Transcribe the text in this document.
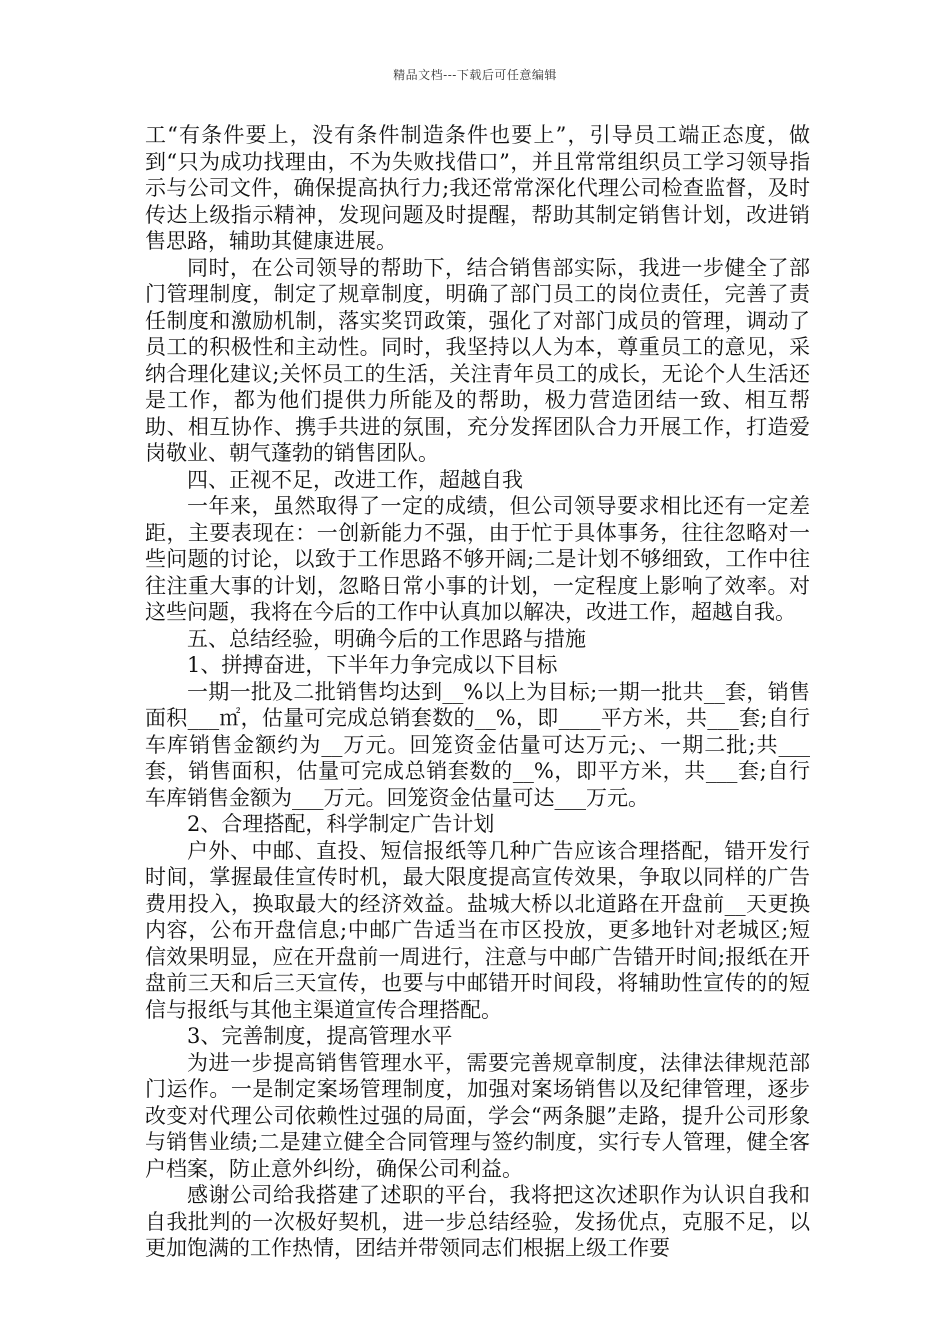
精品文档---下载后可任意编辑

工“有条件要上，没有条件制造条件也要上”，引导员工端正态度，做到“只为成功找理由，不为失败找借口”，并且常常组织员工学习领导指示与公司文件，确保提高执行力;我还常常深化代理公司检查监督，及时传达上级指示精神，发现问题及时提醒，帮助其制定销售计划，改进销售思路，辅助其健康进展。

同时，在公司领导的帮助下，结合销售部实际，我进一步健全了部门管理制度，制定了规章制度，明确了部门员工的岗位责任，完善了责任制度和激励机制，落实奖罚政策，强化了对部门成员的管理，调动了员工的积极性和主动性。同时，我坚持以人为本，尊重员工的意见，采纳合理化建议;关怀员工的生活，关注青年员工的成长，无论个人生活还是工作，都为他们提供力所能及的帮助，极力营造团结一致、相互帮助、相互协作、携手共进的氛围，充分发挥团队合力开展工作，打造爱岗敬业、朝气蓬勃的销售团队。

四、正视不足，改进工作，超越自我

一年来，虽然取得了一定的成绩，但公司领导要求相比还有一定差距，主要表现在：一创新能力不强，由于忙于具体事务，往往忽略对一些问题的讨论，以致于工作思路不够开阔;二是计划不够细致，工作中往往注重大事的计划，忽略日常小事的计划，一定程度上影响了效率。对这些问题，我将在今后的工作中认真加以解决，改进工作，超越自我。

五、总结经验，明确今后的工作思路与措施

1、拼搏奋进，下半年力争完成以下目标

一期一批及二批销售均达到__%以上为目标;一期一批共__套，销售面积___㎡，估量可完成总销套数的__%，即____平方米，共___套;自行车库销售金额约为__万元。回笼资金估量可达万元;、一期二批;共___套，销售面积，估量可完成总销套数的__%，即平方米，共___套;自行车库销售金额为___万元。回笼资金估量可达___万元。

2、合理搭配，科学制定广告计划

户外、中邮、直投、短信报纸等几种广告应该合理搭配，错开发行时间，掌握最佳宣传时机，最大限度提高宣传效果，争取以同样的广告费用投入，换取最大的经济效益。盐城大桥以北道路在开盘前__天更换内容，公布开盘信息;中邮广告适当在市区投放，更多地针对老城区;短信效果明显，应在开盘前一周进行，注意与中邮广告错开时间;报纸在开盘前三天和后三天宣传，也要与中邮错开时间段，将辅助性宣传的的短信与报纸与其他主渠道宣传合理搭配。

3、完善制度，提高管理水平

为进一步提高销售管理水平，需要完善规章制度，法律法律规范部门运作。一是制定案场管理制度，加强对案场销售以及纪律管理，逐步改变对代理公司依赖性过强的局面，学会“两条腿”走路，提升公司形象与销售业绩;二是建立健全合同管理与签约制度，实行专人管理，健全客户档案，防止意外纠纷，确保公司利益。

感谢公司给我搭建了述职的平台，我将把这次述职作为认识自我和自我批判的一次极好契机，进一步总结经验，发扬优点，克服不足，以更加饱满的工作热情，团结并带领同志们根据上级工作要
